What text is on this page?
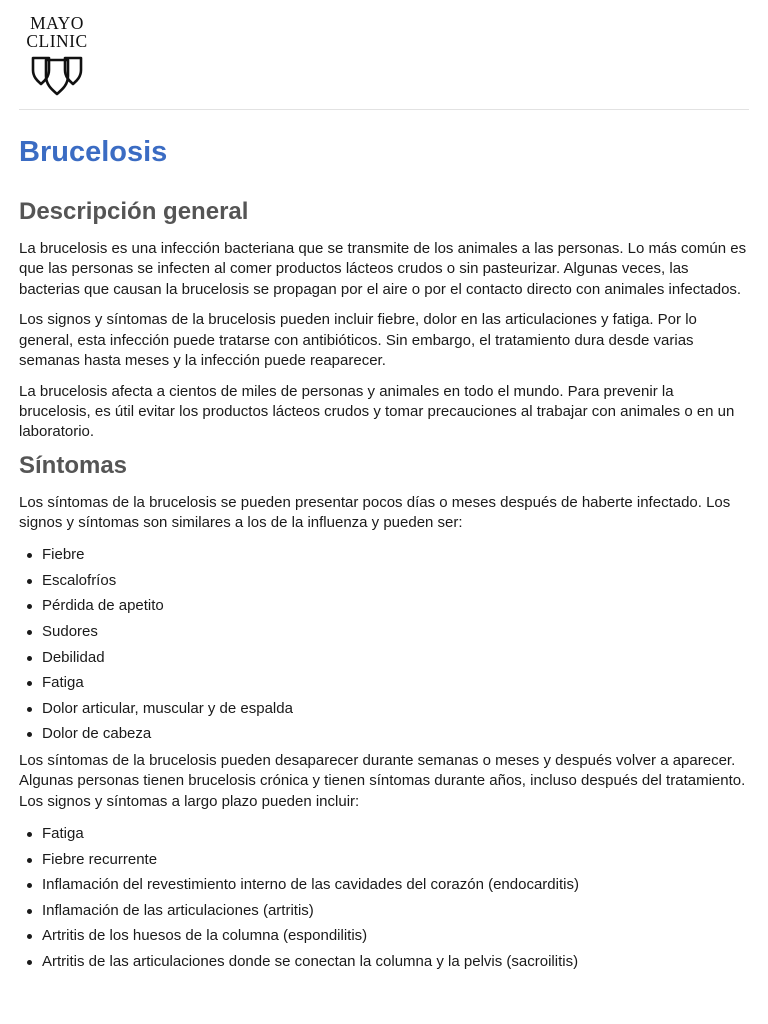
MAYO
CLINIC
Brucelosis
Descripción general

La brucelosis es una infección bacteriana que se transmite de los animales a las personas. Lo más común es que las personas se infecten al comer productos lácteos crudos o sin pasteurizar. Algunas veces, las bacterias que causan la brucelosis se propagan por el aire o por el contacto directo con animales infectados.

Los signos y síntomas de la brucelosis pueden incluir fiebre, dolor en las articulaciones y fatiga. Por lo general, esta infección puede tratarse con antibióticos. Sin embargo, el tratamiento dura desde varias semanas hasta meses y la infección puede reaparecer.

La brucelosis afecta a cientos de miles de personas y animales en todo el mundo. Para prevenir la brucelosis, es útil evitar los productos lácteos crudos y tomar precauciones al trabajar con animales o en un laboratorio.

Síntomas

Los síntomas de la brucelosis se pueden presentar pocos días o meses después de haberte infectado. Los signos y síntomas son similares a los de la influenza y pueden ser:

Fiebre
Escalofríos
Pérdida de apetito
Sudores
Debilidad
Fatiga
Dolor articular, muscular y de espalda
Dolor de cabeza

Los síntomas de la brucelosis pueden desaparecer durante semanas o meses y después volver a aparecer. Algunas personas tienen brucelosis crónica y tienen síntomas durante años, incluso después del tratamiento. Los signos y síntomas a largo plazo pueden incluir:

Fatiga
Fiebre recurrente
Inflamación del revestimiento interno de las cavidades del corazón (endocarditis)
Inflamación de las articulaciones (artritis)
Artritis de los huesos de la columna (espondilitis)
Artritis de las articulaciones donde se conectan la columna y la pelvis (sacroilitis)
